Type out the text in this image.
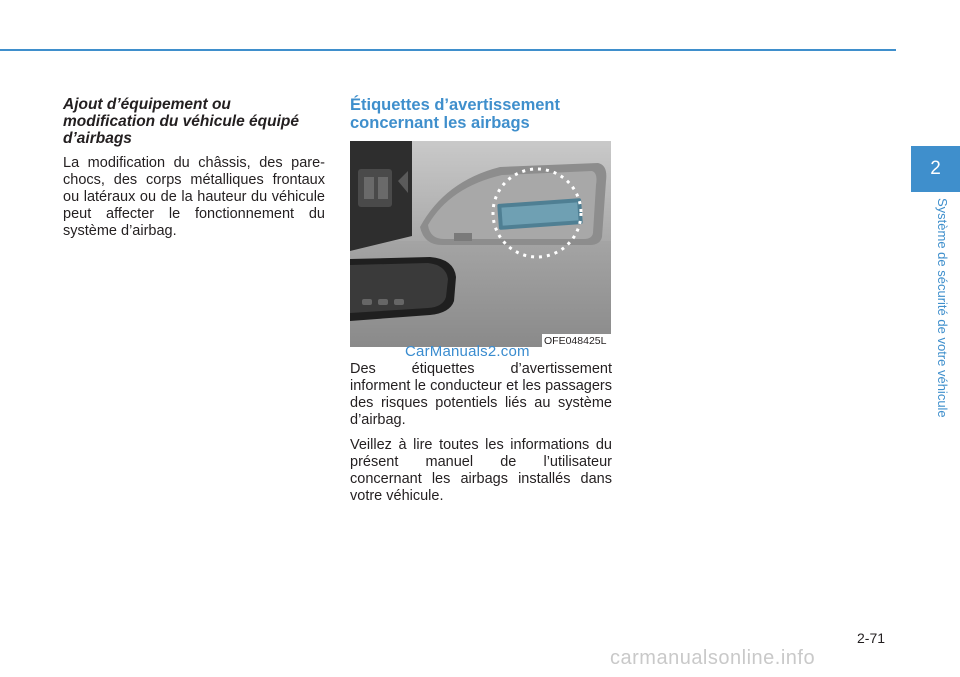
Ajout d’équipement ou modification du véhicule équipé d’airbags

La modification du châssis, des pare-chocs, des corps métalliques frontaux ou latéraux ou de la hauteur du véhicule peut affecter le fonctionnement du système d’airbag.

Étiquettes d’avertissement concernant les airbags
OFE048425L
CarManuals2.com

Des étiquettes d’avertissement informent le conducteur et les passagers des risques potentiels liés au système d’airbag.

Veillez à lire toutes les informations du présent manuel de l’utilisateur concernant les airbags installés dans votre véhicule.

2
Système de sécurité de votre véhicule
2-71
carmanualsonline.info
